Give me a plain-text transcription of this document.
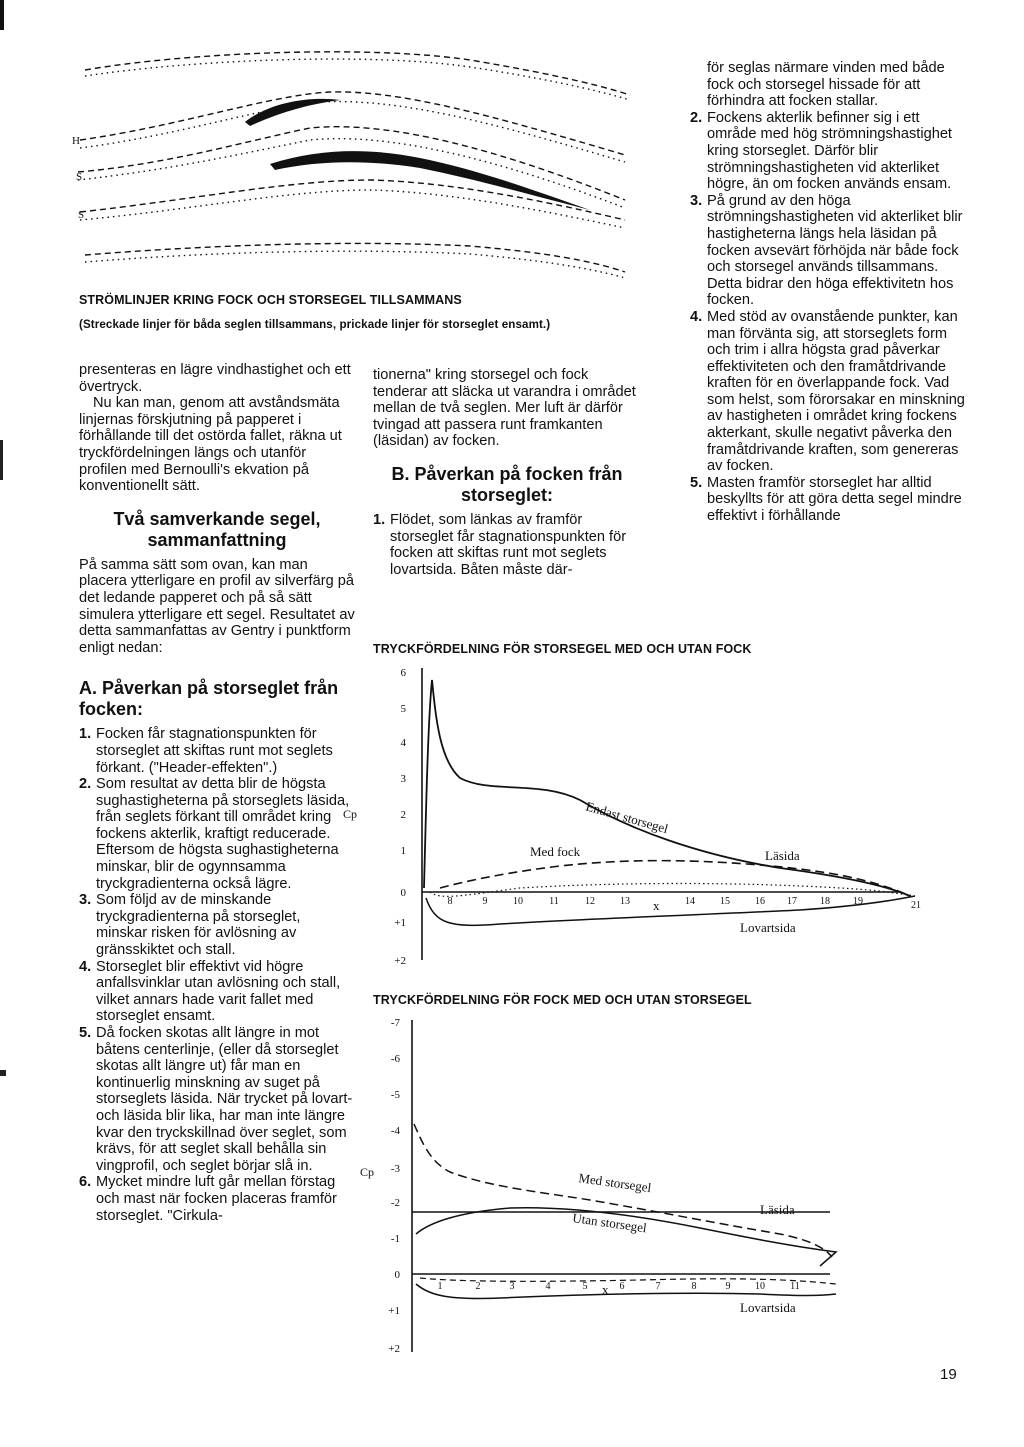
H
S
S
STRÖMLINJER KRING FOCK OCH STORSEGEL TILLSAMMANS
(Streckade linjer för båda seglen tillsammans, prickade linjer för storseglet ensamt.)

presenteras en lägre vindhastighet och ett övertryck.

Nu kan man, genom att avståndsmäta linjernas förskjutning på papperet i förhållande till det ostörda fallet, räkna ut tryckfördelningen längs och utanför profilen med Bernoulli's ekvation på konventionellt sätt.

Två samverkande segel, sammanfattning

På samma sätt som ovan, kan man placera ytterligare en profil av silverfärg på det ledande papperet och på så sätt simulera ytterligare ett segel. Resultatet av detta sammanfattas av Gentry i punktform enligt nedan:

A. Påverkan på storseglet från focken:
1. Focken får stagnationspunkten för storseglet att skiftas runt mot seglets förkant. ("Header-effekten".)
2. Som resultat av detta blir de högsta sughastigheterna på storseglets läsida, från seglets förkant till området kring fockens akterlik, kraftigt reducerade. Eftersom de högsta sughastigheterna minskar, blir de ogynnsamma tryckgradienterna också lägre.
3. Som följd av de minskande tryckgradienterna på storseglet, minskar risken för avlösning av gränsskiktet och stall.
4. Storseglet blir effektivt vid högre anfallsvinklar utan avlösning och stall, vilket annars hade varit fallet med storseglet ensamt.
5. Då focken skotas allt längre in mot båtens centerlinje, (eller då storseglet skotas allt längre ut) får man en kontinuerlig minskning av suget på storseglets läsida. När trycket på lovart- och läsida blir lika, har man inte längre kvar den tryckskillnad över seglet, som krävs, för att seglet skall behålla sin vingprofil, och seglet börjar slå in.
6. Mycket mindre luft går mellan förstag och mast när focken placeras framför storseglet. "Cirkula-

tionerna" kring storsegel och fock tenderar att släcka ut varandra i området mellan de två seglen. Mer luft är därför tvingad att passera runt framkanten (läsidan) av focken.

B. Påverkan på focken från storseglet:
1. Flödet, som länkas av framför storseglet får stagnationspunkten för focken att skiftas runt mot seglets lovartsida. Båten måste där-

för seglas närmare vinden med både fock och storsegel hissade för att förhindra att focken stallar.

2. Fockens akterlik befinner sig i ett område med hög strömningshastighet kring storseglet. Därför blir strömningshastigheten vid akterliket högre, än om focken används ensam.
3. På grund av den höga strömningshastigheten vid akterliket blir hastigheterna längs hela läsidan på focken avsevärt förhöjda när både fock och storsegel används tillsammans. Detta bidrar den höga effektivitetn hos focken.
4. Med stöd av ovanstående punkter, kan man förvänta sig, att storseglets form och trim i allra högsta grad påverkar effektiviteten och den framåtdrivande kraften för en överlappande fock. Vad som helst, som förorsakar en minskning av hastigheten i området kring fockens akterkant, skulle negativt påverka den framåtdrivande kraften, som genereras av focken.
5. Masten framför storseglet har alltid beskyllts för att göra detta segel mindre effektivt i förhållande
TRYCKFÖRDELNING FÖR STORSEGEL MED OCH UTAN FOCK
6
5
4
3
2
1
0
+1
+2
Cp
8	9	10	11	12	13	14	15	16 17 18 19	21
x
Endast storsegel
Med fock	Läsida
Lovartsida
TRYCKFÖRDELNING FÖR FOCK MED OCH UTAN STORSEGEL
-7
-6
-5
-4
-3
-2
-1
0
+1
+2
Cp
1	2	3	4	5	6	7	8	9 10	11
x
Med storsegel
Utan storsegel
Läsida
Lovartsida
19
